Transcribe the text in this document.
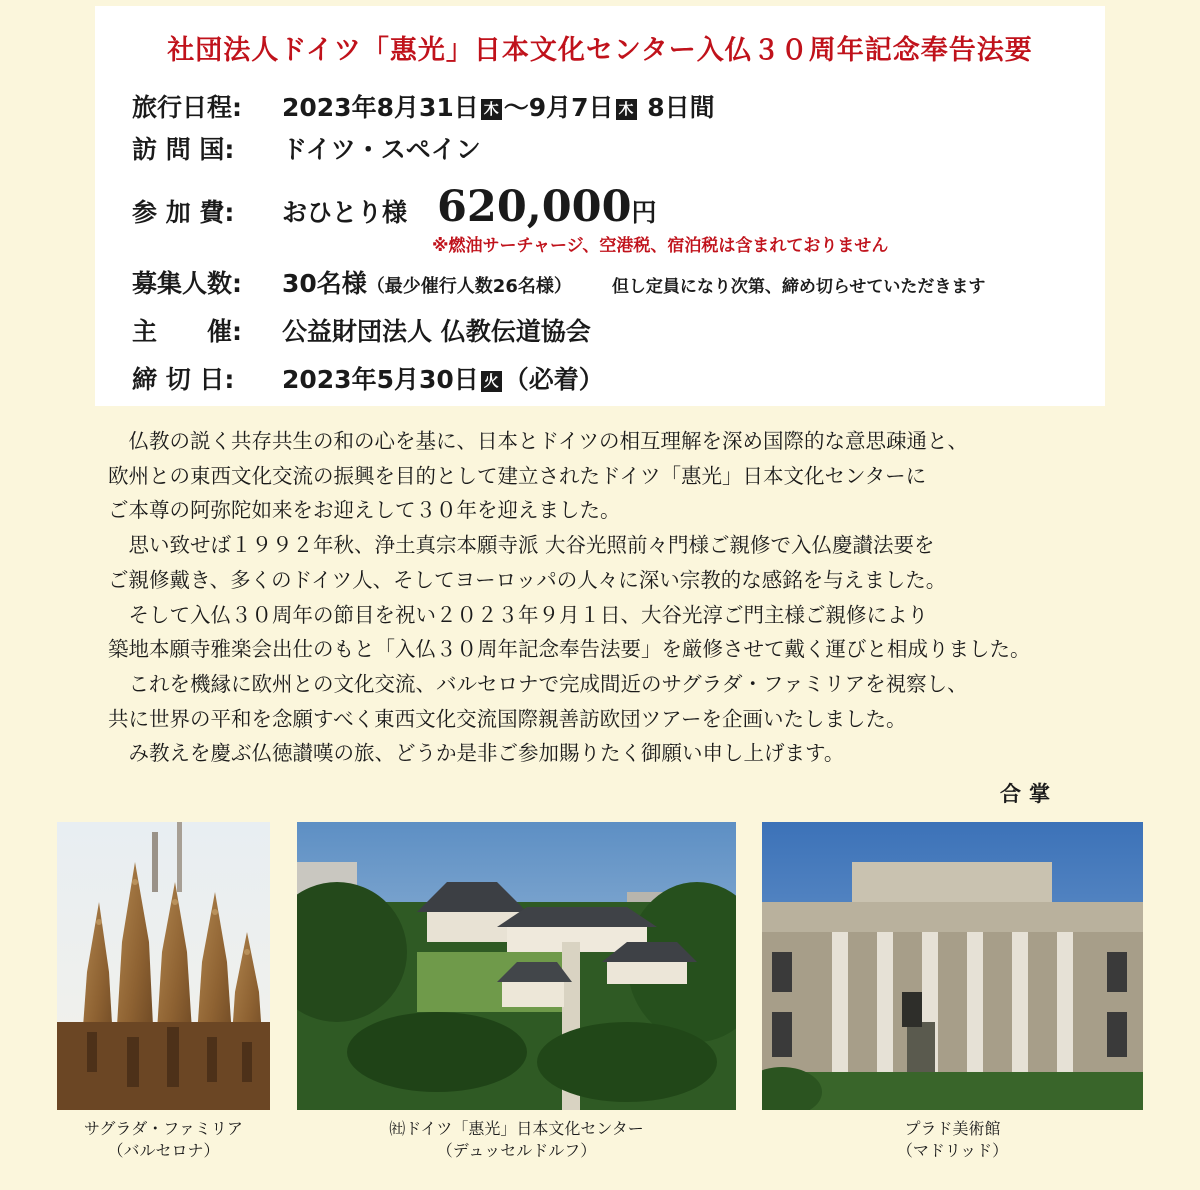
社団法人ドイツ「惠光」日本文化センター入仏３０周年記念奉告法要
旅行日程:	2023年8月31日 木 ～9月7日 木 8日間
訪 問 国:	ドイツ・スペイン
参 加 費:	おひとり様 620,000 円
※燃油サーチャージ、空港税、宿泊税は含まれておりません
募集人数:	30名様 （最少催行人数26名様） 但し定員になり次第、締め切らせていただきます
主　　催:	公益財団法人 仏教伝道協会
締 切 日:	2023年5月30日 火 （必着）

　仏教の説く共存共生の和の心を基に、日本とドイツの相互理解を深め国際的な意思疎通と、

欧州との東西文化交流の振興を目的として建立されたドイツ「惠光」日本文化センターに

ご本尊の阿弥陀如来をお迎えして３０年を迎えました。

　思い致せば１９９２年秋、浄土真宗本願寺派 大谷光照前々門様ご親修で入仏慶讃法要を

ご親修戴き、多くのドイツ人、そしてヨーロッパの人々に深い宗教的な感銘を与えました。

　そして入仏３０周年の節目を祝い２０２３年９月１日、大谷光淳ご門主様ご親修により

築地本願寺雅楽会出仕のもと「入仏３０周年記念奉告法要」を厳修させて戴く運びと相成りました。

　これを機縁に欧州との文化交流、バルセロナで完成間近のサグラダ・ファミリアを視察し、

共に世界の平和を念願すべく東西文化交流国際親善訪欧団ツアーを企画いたしました。

　み教えを慶ぶ仏徳讃嘆の旅、どうか是非ご参加賜りたく御願い申し上げます。

合掌
サグラダ・ファミリア
（バルセロナ）
㈳ドイツ「惠光」日本文化センター
（デュッセルドルフ）
プラド美術館
（マドリッド）
